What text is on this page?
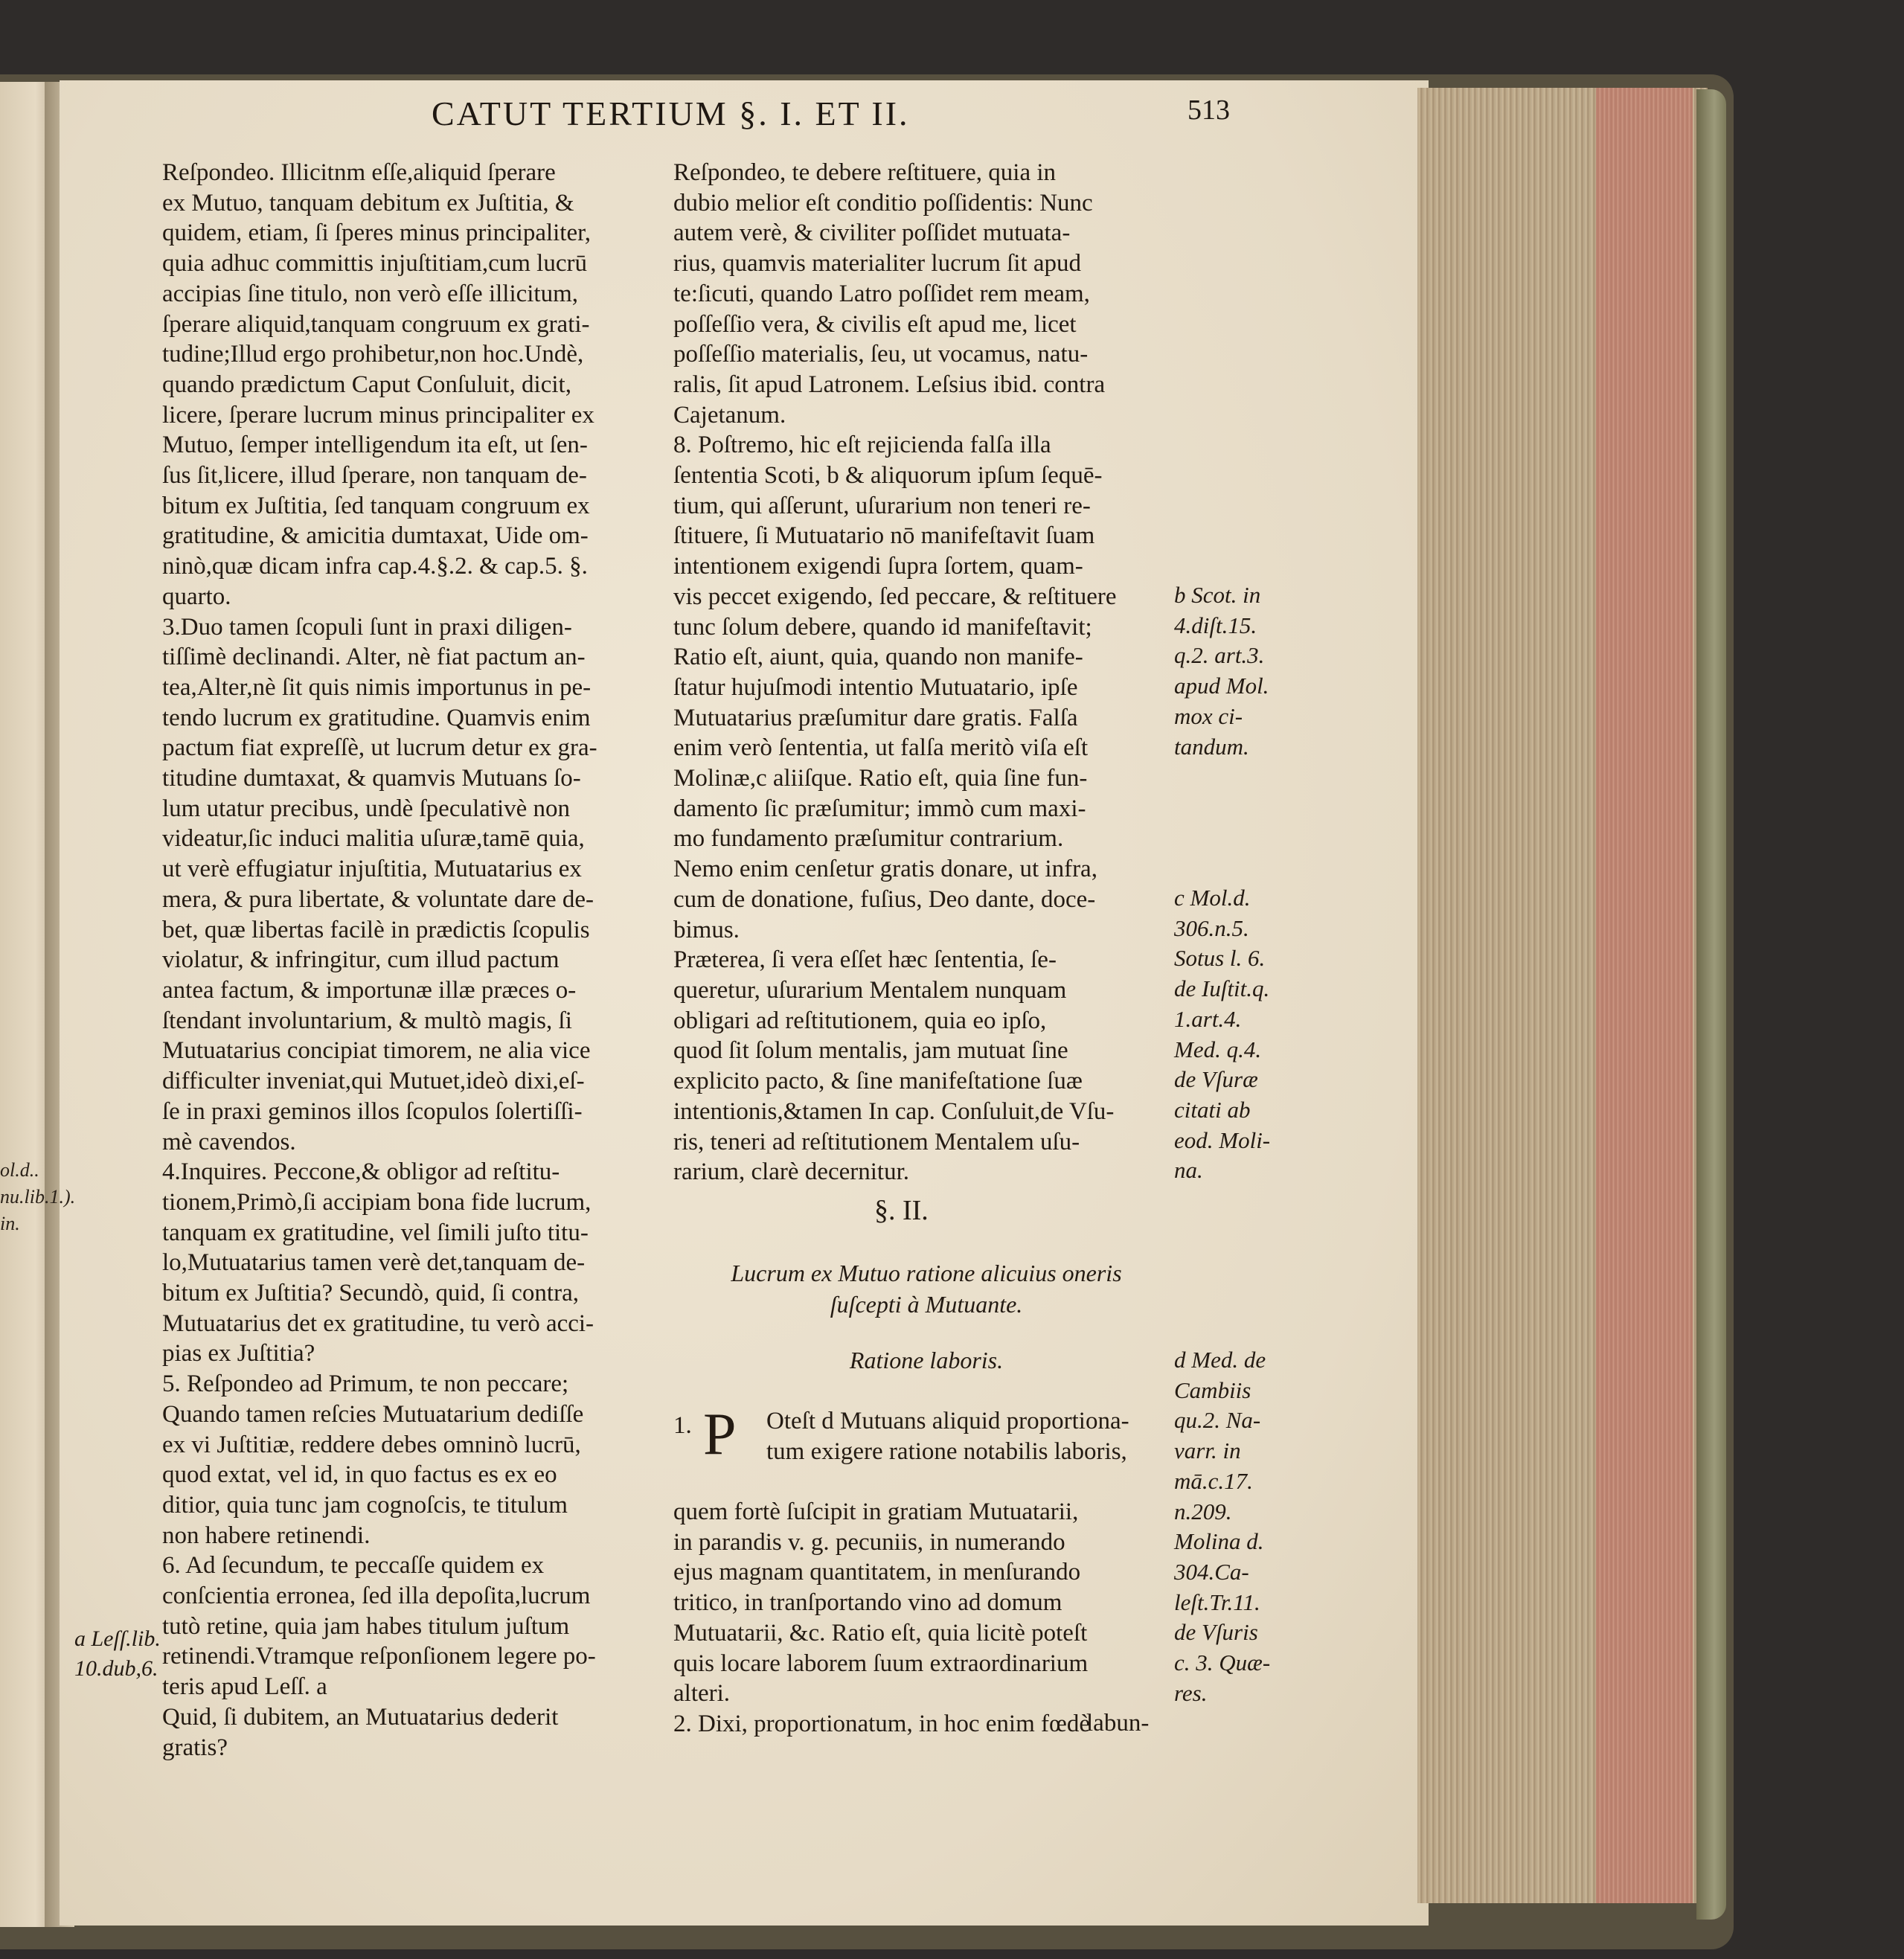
ol.d.. nu.lib.1.). in.
CATUT TERTIUM §. I. ET II.	513

Reſpondeo. Illicitnm eſſe,aliquid ſperare
ex Mutuo, tanquam debitum ex Juſtitia, &
quidem, etiam, ſi ſperes minus principaliter,
quia adhuc committis injuſtitiam,cum lucrū
accipias ſine titulo, non verò eſſe illicitum,
ſperare aliquid,tanquam congruum ex grati-
tudine;Illud ergo prohibetur,non hoc.Undè,
quando prædictum Caput Conſuluit, dicit,
licere, ſperare lucrum minus principaliter ex
Mutuo, ſemper intelligendum ita eſt, ut ſen-
ſus ſit,licere, illud ſperare, non tanquam de-
bitum ex Juſtitia, ſed tanquam congruum ex
gratitudine, & amicitia dumtaxat, Uide om-
ninò,quæ dicam infra cap.4.§.2. & cap.5. §.
quarto.
3.Duo tamen ſcopuli ſunt in praxi diligen-
tiſſimè declinandi. Alter, nè fiat pactum an-
tea,Alter,nè ſit quis nimis importunus in pe-
tendo lucrum ex gratitudine. Quamvis enim
pactum fiat expreſſè, ut lucrum detur ex gra-
titudine dumtaxat, & quamvis Mutuans ſo-
lum utatur precibus, undè ſpeculativè non
videatur,ſic induci malitia uſuræ,tamē quia,
ut verè effugiatur injuſtitia, Mutuatarius ex
mera, & pura libertate, & voluntate dare de-
bet, quæ libertas facilè in prædictis ſcopulis
violatur, & infringitur, cum illud pactum
antea factum, & importunæ illæ præces o-
ſtendant involuntarium, & multò magis, ſi
Mutuatarius concipiat timorem, ne alia vice
difficulter inveniat,qui Mutuet,ideò dixi,eſ-
ſe in praxi geminos illos ſcopulos ſolertiſſi-
mè cavendos.
4.Inquires. Peccone,& obligor ad reſtitu-
tionem,Primò,ſi accipiam bona fide lucrum,
tanquam ex gratitudine, vel ſimili juſto titu-
lo,Mutuatarius tamen verè det,tanquam de-
bitum ex Juſtitia? Secundò, quid, ſi contra,
Mutuatarius det ex gratitudine, tu verò acci-
pias ex Juſtitia?
5. Reſpondeo ad Primum, te non peccare;
Quando tamen reſcies Mutuatarium dediſſe
ex vi Juſtitiæ, reddere debes omninò lucrū,
quod extat, vel id, in quo factus es ex eo
ditior, quia tunc jam cognoſcis, te titulum
non habere retinendi.
6. Ad ſecundum, te peccaſſe quidem ex
conſcientia erronea, ſed illa depoſita,lucrum
tutò retine, quia jam habes titulum juſtum
retinendi.Vtramque reſponſionem legere po-
teris apud Leſſ. a
Quid, ſi dubitem, an Mutuatarius dederit
gratis?

a Leſſ.lib.
10.dub,6.

Reſpondeo, te debere reſtituere, quia in
dubio melior eſt conditio poſſidentis: Nunc
autem verè, & civiliter poſſidet mutuata-
rius, quamvis materialiter lucrum ſit apud
te:ſicuti, quando Latro poſſidet rem meam,
poſſeſſio vera, & civilis eſt apud me, licet
poſſeſſio materialis, ſeu, ut vocamus, natu-
ralis, ſit apud Latronem. Leſsius ibid. contra
Cajetanum.
8. Poſtremo, hic eſt rejicienda falſa illa
ſententia Scoti, b & aliquorum ipſum ſequē-
tium, qui aſſerunt, uſurarium non teneri re-
ſtituere, ſi Mutuatario nō manifeſtavit ſuam
intentionem exigendi ſupra ſortem, quam-
vis peccet exigendo, ſed peccare, & reſtituere
tunc ſolum debere, quando id manifeſtavit;
Ratio eſt, aiunt, quia, quando non manife-
ſtatur hujuſmodi intentio Mutuatario, ipſe
Mutuatarius præſumitur dare gratis. Falſa
enim verò ſententia, ut falſa meritò viſa eſt
Molinæ,c aliiſque. Ratio eſt, quia ſine fun-
damento ſic præſumitur; immò cum maxi-
mo fundamento præſumitur contrarium.
Nemo enim cenſetur gratis donare, ut infra,
cum de donatione, fuſius, Deo dante, doce-
bimus.
Præterea, ſi vera eſſet hæc ſententia, ſe-
queretur, uſurarium Mentalem nunquam
obligari ad reſtitutionem, quia eo ipſo,
quod ſit ſolum mentalis, jam mutuat ſine
explicito pacto, & ſine manifeſtatione ſuæ
intentionis,&tamen In cap. Conſuluit,de Vſu-
ris, teneri ad reſtitutionem Mentalem uſu-
rarium, clarè decernitur.

b Scot. in
4.diſt.15.
q.2. art.3.
apud Mol.
mox ci-
tandum.

c Mol.d.
306.n.5.
Sotus l. 6.
de Iuſtit.q.
1.art.4.
Med. q.4.
de Vſuræ
citati ab
eod. Moli-
na.
§. II.
Lucrum ex Mutuo ratione alicuius oneris
ſuſcepti à Mutuante.
Ratione laboris.
1. P Oteſt d Mutuans aliquid proportiona-
tum exigere ratione notabilis laboris,
quem fortè ſuſcipit in gratiam Mutuatarii,
in parandis v. g. pecuniis, in numerando
ejus magnam quantitatem, in menſurando
tritico, in tranſportando vino ad domum
Mutuatarii, &c. Ratio eſt, quia licitè poteſt
quis locare laborem ſuum extraordinarium
alteri.
2. Dixi, proportionatum, in hoc enim fœdè
d Med. de
Cambiis
qu.2. Na-
varr. in
mā.c.17.
n.209.
Molina d.
304.Ca-
leſt.Tr.11.
de Vſuris
c. 3. Quæ-
res.
labun-
